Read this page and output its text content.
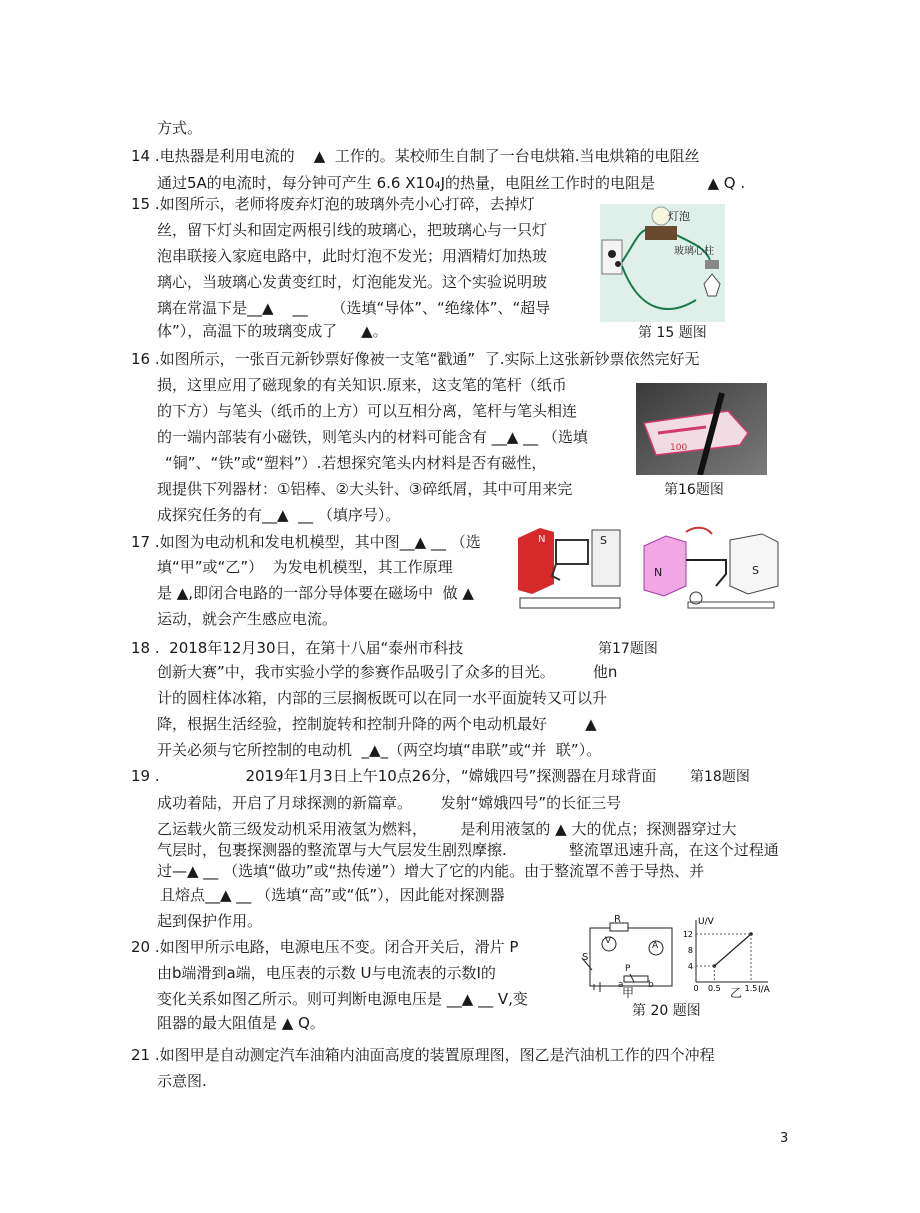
方式。
14 .电热器是利用电流的    ▲  工作的。某校师生自制了一台电烘箱.当电烘箱的电阻丝
通过5A的电流时，每分钟可产生 6.6 X10₄J的热量，电阻丝工作时的电阻是           ▲ Q .
15 .如图所示，老师将废弃灯泡的玻璃外壳小心打碎，去掉灯
丝，留下灯头和固定两根引线的玻璃心，把玻璃心与一只灯
泡串联接入家庭电路中，此时灯泡不发光；用酒精灯加热玻
璃心，当玻璃心发黄变红时，灯泡能发光。这个实验说明玻
璃在常温下是__▲    __     （选填“导体”、“绝缘体”、“超导
体”），高温下的玻璃变成了     ▲。
16 .如图所示，一张百元新钞票好像被一支笔“戳通”  了.实际上这张新钞票依然完好无
损，这里应用了磁现象的有关知识.原来，这支笔的笔杆（纸币
的下方）与笔头（纸币的上方）可以互相分离，笔杆与笔头相连
的一端内部装有小磁铁，则笔头内的材料可能含有 __▲ __ （选填
“铜”、“铁”或“塑料”）.若想探究笔头内材料是否有磁性，
现提供下列器材：①铝棒、②大头针、③碎纸屑，其中可用来完
成探究任务的有__▲  __ （填序号）。
17 .如图为电动机和发电机模型，其中图__▲ __ （选
填“甲”或“乙”）  为发电机模型，其工作原理
是 ▲,即闭合电路的一部分导体要在磁场中  做 ▲
运动，就会产生感应电流。
18 .  2018年12月30日，在第十八届“泰州市科技
创新大赛”中，我市实验小学的参赛作品吸引了众多的目光。        他n
计的圆柱体冰箱，内部的三层搁板既可以在同一水平面旋转又可以升
降，根据生活经验，控制旋转和控制升降的两个电动机最好        ▲
开关必须与它所控制的电动机  _▲_（两空均填“串联”或“并  联”）。
19 .                  2019年1月3日上午10点26分，“嫦娥四号”探测器在月球背面
成功着陆，开启了月球探测的新篇章。      发射“嫦娥四号”的长征三号
乙运载火箭三级发动机采用液氢为燃料，       是利用液氢的 ▲ 大的优点；探测器穿过大
气层时，包裹探测器的整流罩与大气层发生剧烈摩擦.             整流罩迅速升高，在这个过程通
过—▲ __ （选填“做功”或“热传递”）增大了它的内能。由于整流罩不善于导热、并
且熔点__▲ __ （选填“高”或“低”），因此能对探测器
起到保护作用。
20 .如图甲所示电路，电源电压不变。闭合开关后，滑片 P
由b端滑到a端，电压表的示数 U与电流表的示数I的
变化关系如图乙所示。则可判断电源电压是 __▲ __ V,变
阻器的最大阻值是 ▲ Q。
21 .如图甲是自动测定汽车油箱内油面高度的装置原理图，图乙是汽油机工作的四个冲程
示意图.
灯泡
玻璃心柱
第 15 题图
100
第16题图
N	S
N	S
第17题图
第18题图
R
V	A
S
P
a	b
甲	乙
第 20 题图
U/V
I/A
4
8
12
0 0.5	1.5
3
